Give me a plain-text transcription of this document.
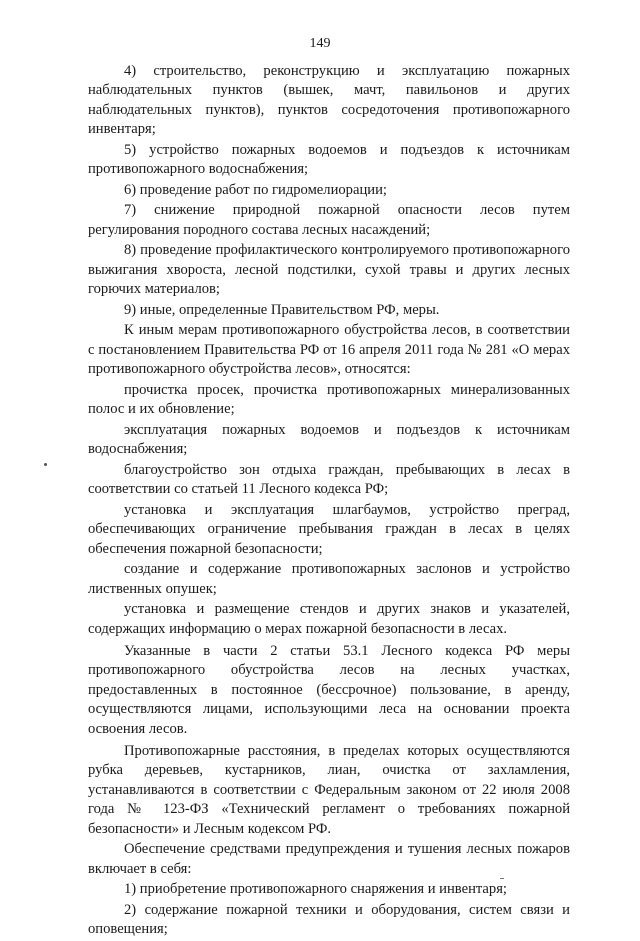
149

4) строительство, реконструкцию и эксплуатацию пожарных наблюдательных пунктов (вышек, мачт, павильонов и других наблюдательных пунктов), пунктов сосредоточения противопожарного инвентаря;

5) устройство пожарных водоемов и подъездов к источникам противопожарного водоснабжения;

6) проведение работ по гидромелиорации;

7) снижение природной пожарной опасности лесов путем регулирования породного состава лесных насаждений;

8) проведение профилактического контролируемого противопожарного выжигания хвороста, лесной подстилки, сухой травы и других лесных горючих материалов;

9) иные, определенные Правительством РФ, меры.

К иным мерам противопожарного обустройства лесов, в соответствии с постановлением Правительства РФ от 16 апреля 2011 года № 281 «О мерах противопожарного обустройства лесов», относятся:

прочистка просек, прочистка противопожарных минерализованных полос и их обновление;

эксплуатация пожарных водоемов и подъездов к источникам водоснабжения;

благоустройство зон отдыха граждан, пребывающих в лесах в соответствии со статьей 11 Лесного кодекса РФ;

установка и эксплуатация шлагбаумов, устройство преград, обеспечивающих ограничение пребывания граждан в лесах в целях обеспечения пожарной безопасности;

создание и содержание противопожарных заслонов и устройство лиственных опушек;

установка и размещение стендов и других знаков и указателей, содержащих информацию о мерах пожарной безопасности в лесах.

Указанные в части 2 статьи 53.1 Лесного кодекса РФ меры противопожарного обустройства лесов на лесных участках, предоставленных в постоянное (бессрочное) пользование, в аренду, осуществляются лицами, использующими леса на основании проекта освоения лесов.

Противопожарные расстояния, в пределах которых осуществляются рубка деревьев, кустарников, лиан, очистка от захламления, устанавливаются в соответствии с Федеральным законом от 22 июля 2008 года № 123-ФЗ «Технический регламент о требованиях пожарной безопасности» и Лесным кодексом РФ.

Обеспечение средствами предупреждения и тушения лесных пожаров включает в себя:

1) приобретение противопожарного снаряжения и инвентаря;

2) содержание пожарной техники и оборудования, систем связи и оповещения;
